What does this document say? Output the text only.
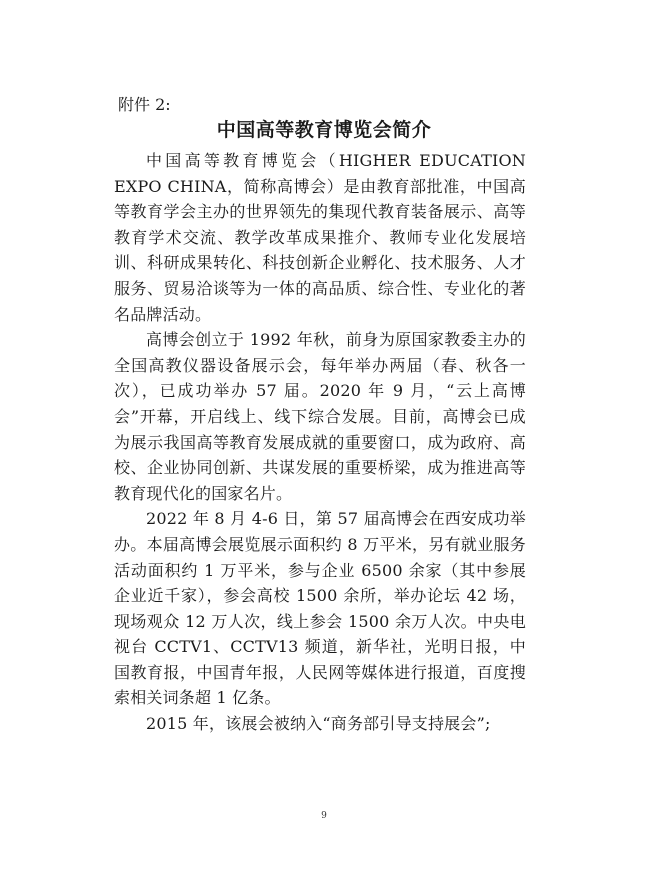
附件 2:
中国高等教育博览会简介

中国高等教育博览会（HIGHER EDUCATION EXPO CHINA，简称高博会）是由教育部批准，中国高等教育学会主办的世界领先的集现代教育装备展示、高等教育学术交流、教学改革成果推介、教师专业化发展培训、科研成果转化、科技创新企业孵化、技术服务、人才服务、贸易洽谈等为一体的高品质、综合性、专业化的著名品牌活动。

高博会创立于 1992 年秋，前身为原国家教委主办的全国高教仪器设备展示会，每年举办两届（春、秋各一次），已成功举办 57 届。2020 年 9 月，“云上高博会”开幕，开启线上、线下综合发展。目前，高博会已成为展示我国高等教育发展成就的重要窗口，成为政府、高校、企业协同创新、共谋发展的重要桥梁，成为推进高等教育现代化的国家名片。

2022 年 8 月 4-6 日，第 57 届高博会在西安成功举办。本届高博会展览展示面积约 8 万平米，另有就业服务活动面积约 1 万平米，参与企业 6500 余家（其中参展企业近千家），参会高校 1500 余所，举办论坛 42 场，现场观众 12 万人次，线上参会 1500 余万人次。中央电视台 CCTV1、CCTV13 频道，新华社，光明日报，中国教育报，中国青年报，人民网等媒体进行报道，百度搜索相关词条超 1 亿条。

2015 年，该展会被纳入“商务部引导支持展会”;

9
